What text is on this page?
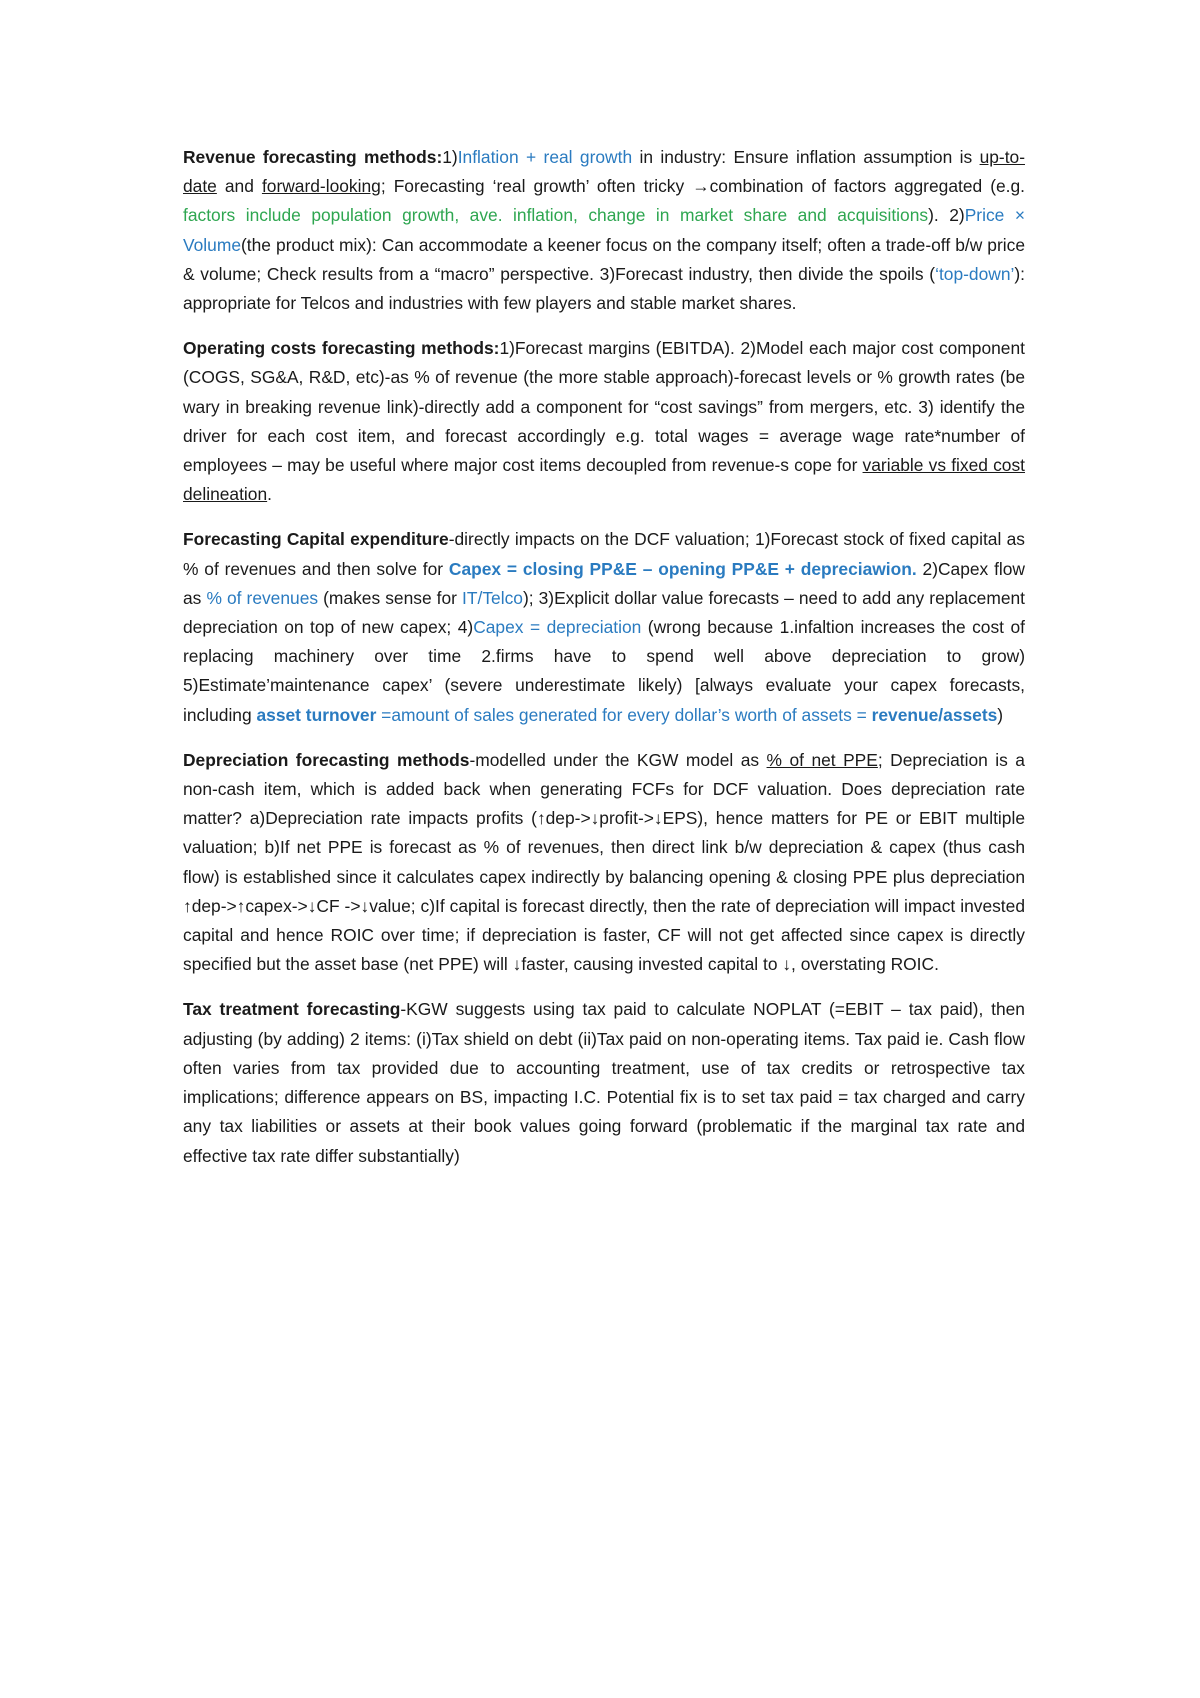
Revenue forecasting methods:1)Inflation + real growth in industry: Ensure inflation assumption is up-to-date and forward-looking; Forecasting ‘real growth’ often tricky →combination of factors aggregated (e.g. factors include population growth, ave. inflation, change in market share and acquisitions). 2)Price × Volume(the product mix): Can accommodate a keener focus on the company itself; often a trade-off b/w price & volume; Check results from a “macro” perspective. 3)Forecast industry, then divide the spoils (‘top-down’): appropriate for Telcos and industries with few players and stable market shares.

Operating costs forecasting methods:1)Forecast margins (EBITDA). 2)Model each major cost component (COGS, SG&A, R&D, etc)-as % of revenue (the more stable approach)-forecast levels or % growth rates (be wary in breaking revenue link)-directly add a component for “cost savings” from mergers, etc. 3) identify the driver for each cost item, and forecast accordingly e.g. total wages = average wage rate*number of employees – may be useful where major cost items decoupled from revenue-s cope for variable vs fixed cost delineation.

Forecasting Capital expenditure-directly impacts on the DCF valuation; 1)Forecast stock of fixed capital as % of revenues and then solve for Capex = closing PP&E – opening PP&E + depreciawion. 2)Capex flow as % of revenues (makes sense for IT/Telco); 3)Explicit dollar value forecasts – need to add any replacement depreciation on top of new capex; 4)Capex = depreciation (wrong because 1.infaltion increases the cost of replacing machinery over time 2.firms have to spend well above depreciation to grow) 5)Estimate’maintenance capex’ (severe underestimate likely) [always evaluate your capex forecasts, including asset turnover =amount of sales generated for every dollar’s worth of assets = revenue/assets)

Depreciation forecasting methods-modelled under the KGW model as % of net PPE; Depreciation is a non-cash item, which is added back when generating FCFs for DCF valuation. Does depreciation rate matter? a)Depreciation rate impacts profits (↑dep->↓profit->↓EPS), hence matters for PE or EBIT multiple valuation; b)If net PPE is forecast as % of revenues, then direct link b/w depreciation & capex (thus cash flow) is established since it calculates capex indirectly by balancing opening & closing PPE plus depreciation ↑dep->↑capex->↓CF ->↓value; c)If capital is forecast directly, then the rate of depreciation will impact invested capital and hence ROIC over time; if depreciation is faster, CF will not get affected since capex is directly specified but the asset base (net PPE) will ↓faster, causing invested capital to ↓, overstating ROIC.

Tax treatment forecasting-KGW suggests using tax paid to calculate NOPLAT (=EBIT – tax paid), then adjusting (by adding) 2 items: (i)Tax shield on debt (ii)Tax paid on non-operating items. Tax paid ie. Cash flow often varies from tax provided due to accounting treatment, use of tax credits or retrospective tax implications; difference appears on BS, impacting I.C. Potential fix is to set tax paid = tax charged and carry any tax liabilities or assets at their book values going forward (problematic if the marginal tax rate and effective tax rate differ substantially)
